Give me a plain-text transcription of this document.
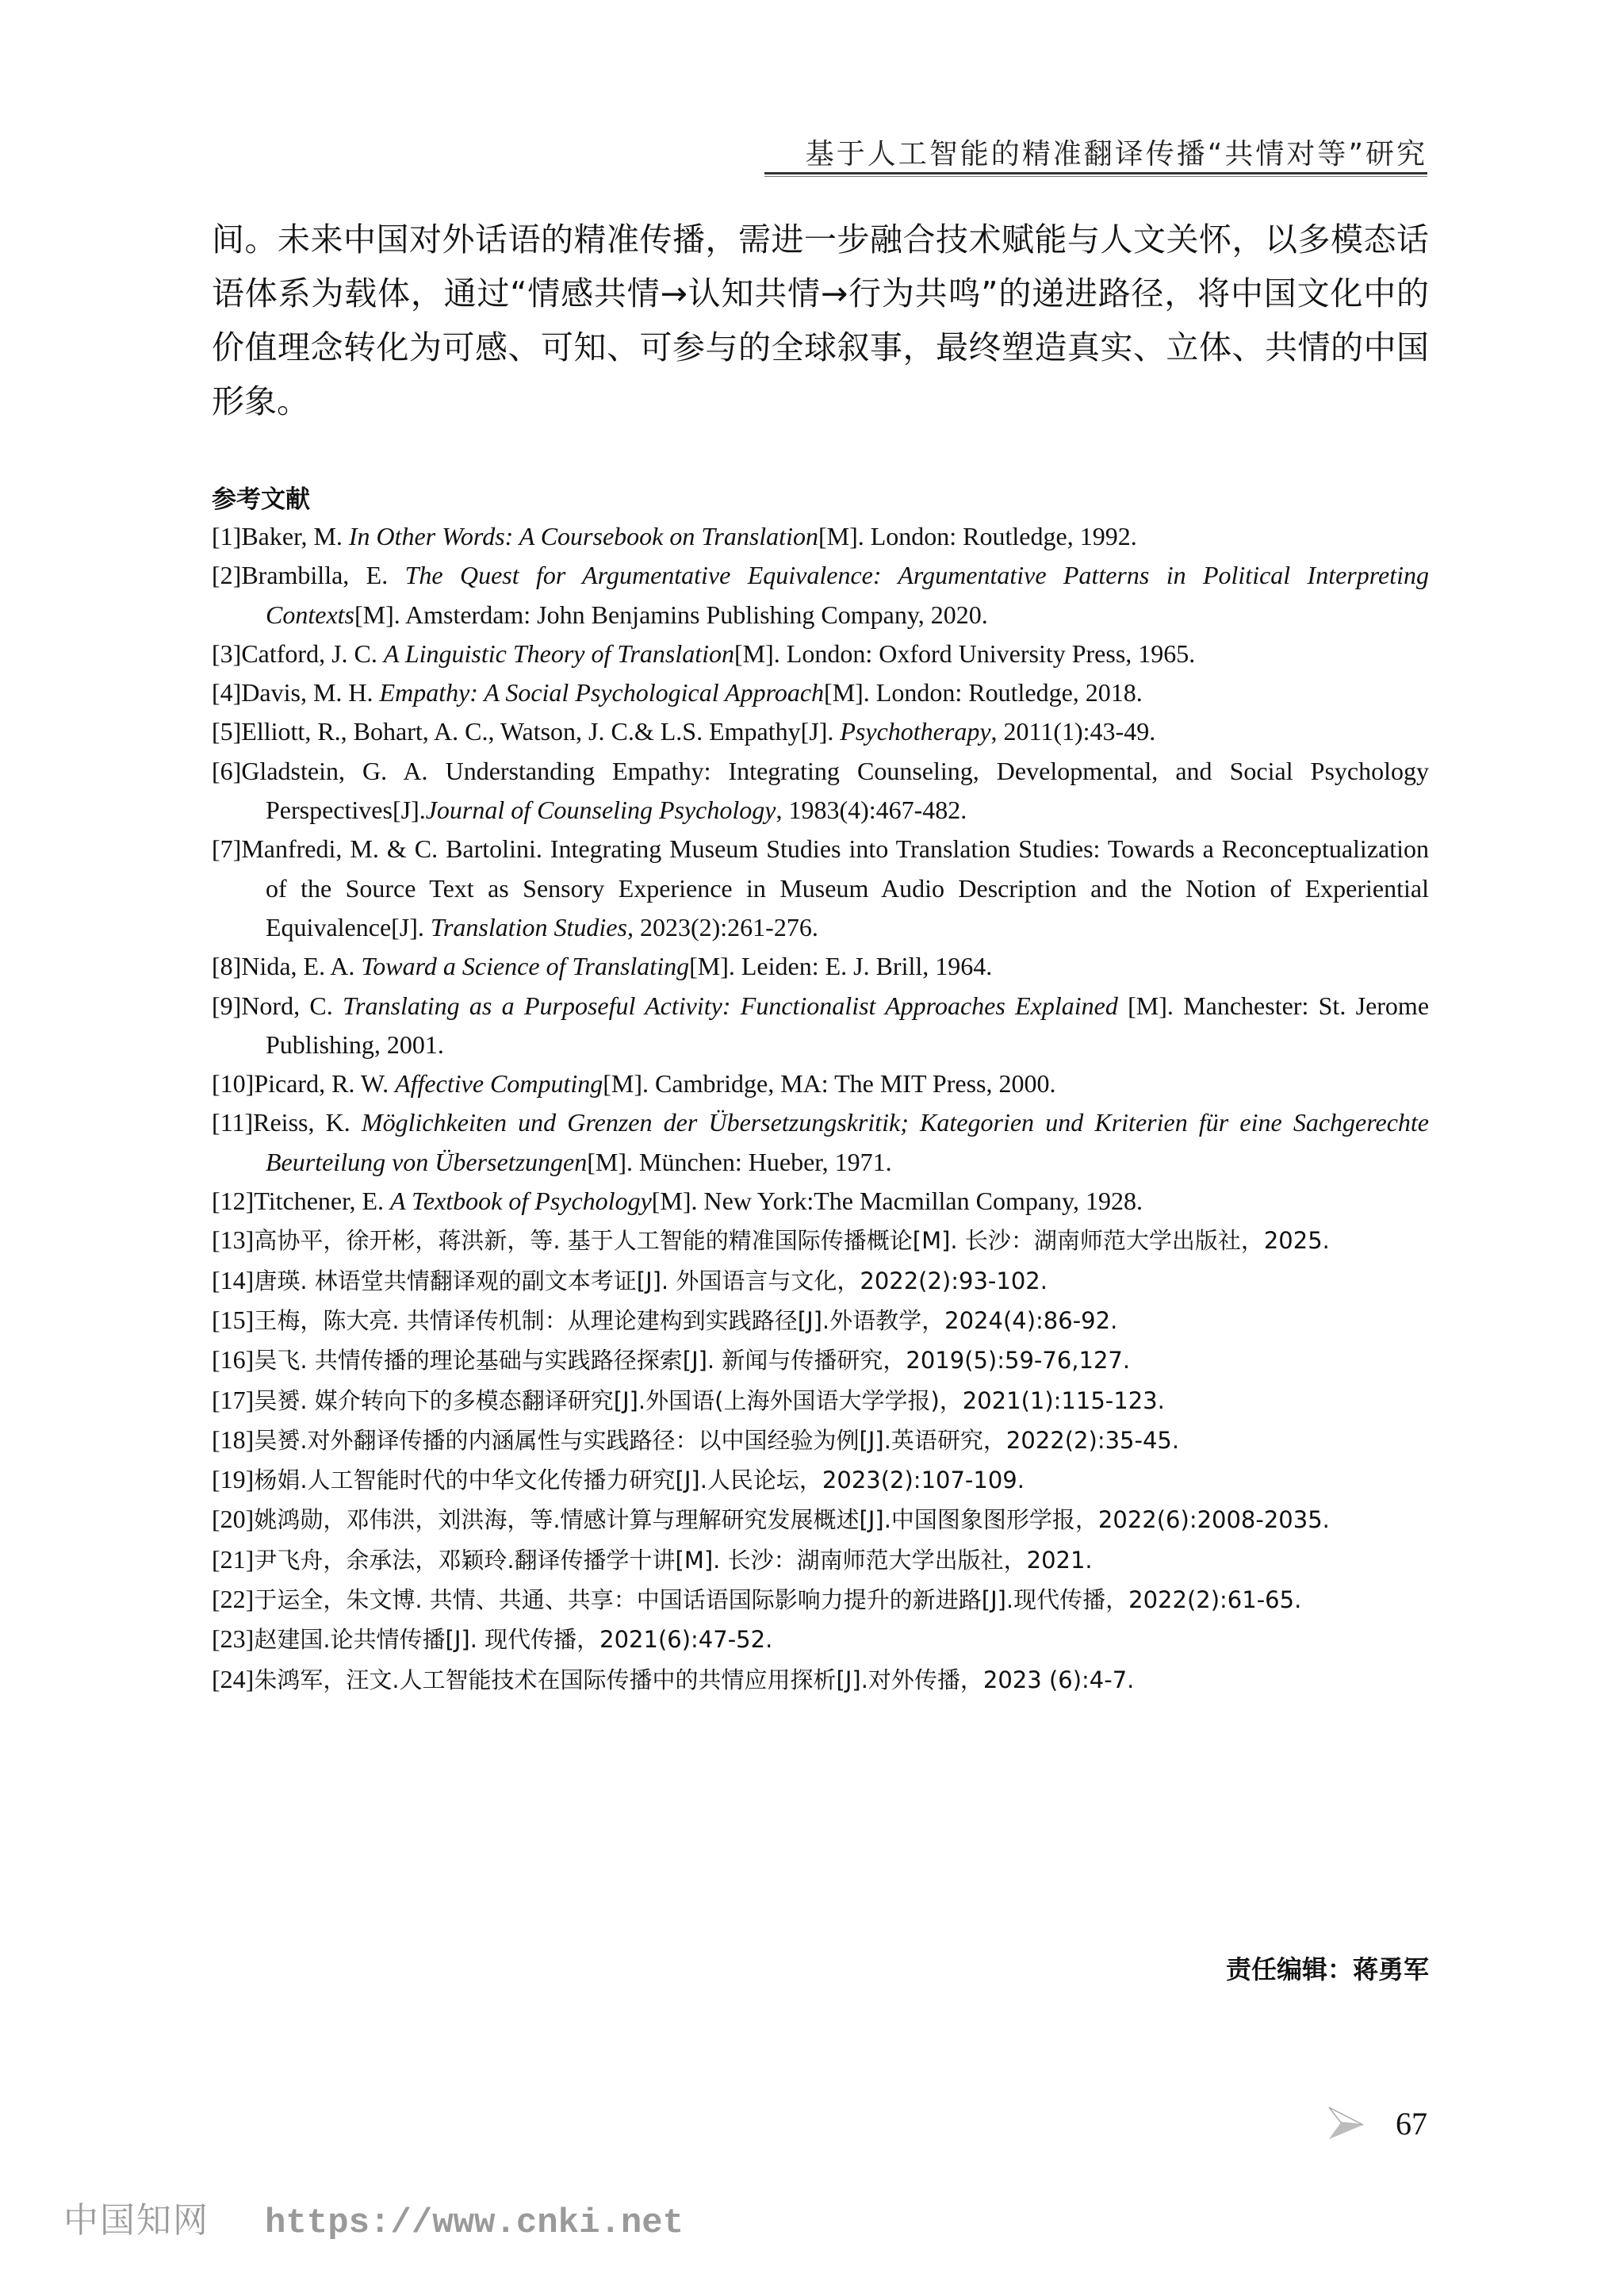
基于人工智能的精准翻译传播“共情对等”研究
间。未来中国对外话语的精准传播，需进一步融合技术赋能与人文关怀，以多模态话语体系为载体，通过“情感共情→认知共情→行为共鸣”的递进路径，将中国文化中的价值理念转化为可感、可知、可参与的全球叙事，最终塑造真实、立体、共情的中国形象。
参考文献
[1]Baker, M. In Other Words: A Coursebook on Translation[M]. London: Routledge, 1992.
[2]Brambilla, E. The Quest for Argumentative Equivalence: Argumentative Patterns in Political Interpreting Contexts[M]. Amsterdam: John Benjamins Publishing Company, 2020.
[3]Catford, J. C. A Linguistic Theory of Translation[M]. London: Oxford University Press, 1965.
[4]Davis, M. H. Empathy: A Social Psychological Approach[M]. London: Routledge, 2018.
[5]Elliott, R., Bohart, A. C., Watson, J. C.& L.S. Empathy[J]. Psychotherapy, 2011(1):43-49.
[6]Gladstein, G. A. Understanding Empathy: Integrating Counseling, Developmental, and Social Psychology Perspectives[J].Journal of Counseling Psychology, 1983(4):467-482.
[7]Manfredi, M. & C. Bartolini. Integrating Museum Studies into Translation Studies: Towards a Reconceptualization of the Source Text as Sensory Experience in Museum Audio Description and the Notion of Experiential Equivalence[J]. Translation Studies, 2023(2):261-276.
[8]Nida, E. A. Toward a Science of Translating[M]. Leiden: E. J. Brill, 1964.
[9]Nord, C. Translating as a Purposeful Activity: Functionalist Approaches Explained [M]. Manchester: St. Jerome Publishing, 2001.
[10]Picard, R. W. Affective Computing[M]. Cambridge, MA: The MIT Press, 2000.
[11]Reiss, K. Möglichkeiten und Grenzen der Übersetzungskritik; Kategorien und Kriterien für eine Sachgerechte Beurteilung von Übersetzungen[M]. München: Hueber, 1971.
[12]Titchener, E. A Textbook of Psychology[M]. New York:The Macmillan Company, 1928.
[13]高协平，徐开彬，蒋洪新，等. 基于人工智能的精准国际传播概论[M]. 长沙：湖南师范大学出版社，2025.
[14]唐瑛. 林语堂共情翻译观的副文本考证[J]. 外国语言与文化，2022(2):93-102.
[15]王梅，陈大亮. 共情译传机制：从理论建构到实践路径[J].外语教学，2024(4):86-92.
[16]吴飞. 共情传播的理论基础与实践路径探索[J]. 新闻与传播研究，2019(5):59-76,127.
[17]吴赟. 媒介转向下的多模态翻译研究[J].外国语(上海外国语大学学报)，2021(1):115-123.
[18]吴赟.对外翻译传播的内涵属性与实践路径：以中国经验为例[J].英语研究，2022(2):35-45.
[19]杨娟.人工智能时代的中华文化传播力研究[J].人民论坛，2023(2):107-109.
[20]姚鸿勋，邓伟洪，刘洪海，等.情感计算与理解研究发展概述[J].中国图象图形学报，2022(6):2008-2035.
[21]尹飞舟，余承法，邓颖玲.翻译传播学十讲[M]. 长沙：湖南师范大学出版社，2021.
[22]于运全，朱文博. 共情、共通、共享：中国话语国际影响力提升的新进路[J].现代传播，2022(2):61-65.
[23]赵建国.论共情传播[J]. 现代传播，2021(6):47-52.
[24]朱鸿军，汪文.人工智能技术在国际传播中的共情应用探析[J].对外传播，2023 (6):4-7.
责任编辑：蒋勇军
67
中国知网 https://www.cnki.net
